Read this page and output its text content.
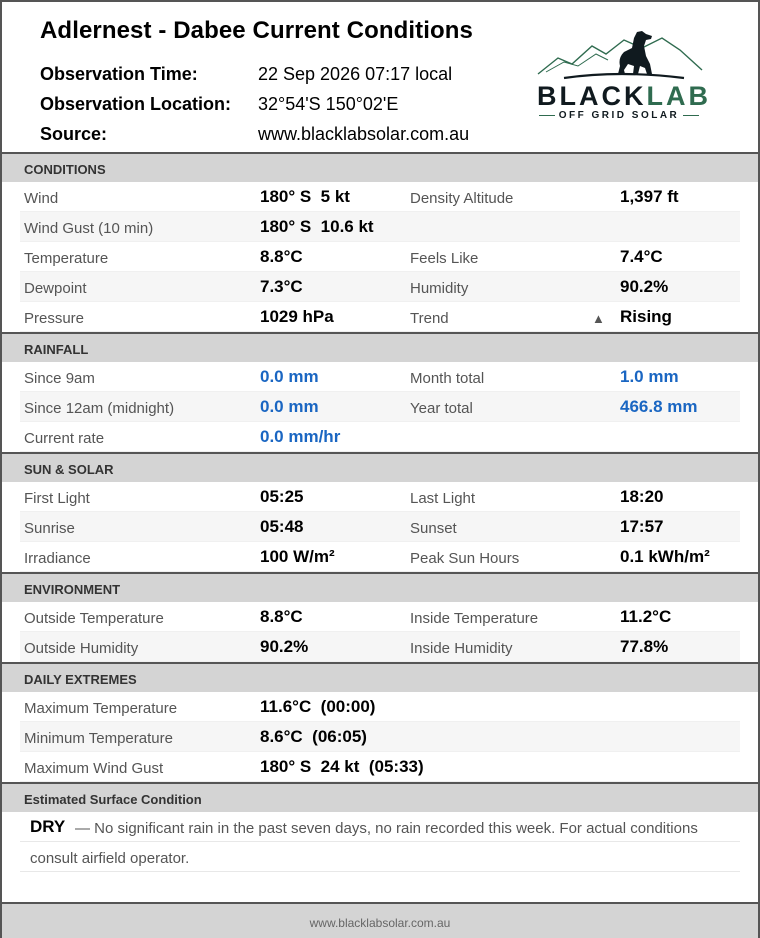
Adlernest - Dabee Current Conditions
Observation Time:	22 Sep 2026 07:17 local
Observation Location: 32°54'S 150°02'E
Source:	www.blacklabsolar.com.au
BLACKLAB
OFF GRID SOLAR
CONDITIONS
Wind	180° S  5 kt	Density Altitude	1,397 ft
Wind Gust (10 min)	180° S  10.6 kt
Temperature	8.8°C	Feels Like	7.4°C
Dewpoint	7.3°C	Humidity	90.2%
Pressure	1029 hPa	Trend	▲ Rising
RAINFALL
Since 9am	0.0 mm	Month total	1.0 mm
Since 12am (midnight)	0.0 mm	Year total	466.8 mm
Current rate	0.0 mm/hr
SUN & SOLAR
First Light	05:25	Last Light	18:20
Sunrise	05:48	Sunset	17:57
Irradiance	100 W/m²	Peak Sun Hours	0.1 kWh/m²
ENVIRONMENT
Outside Temperature	8.8°C	Inside Temperature	11.2°C
Outside Humidity	90.2%	Inside Humidity	77.8%
DAILY EXTREMES
Maximum Temperature	11.6°C  (00:00)
Minimum Temperature	8.6°C  (06:05)
Maximum Wind Gust	180° S  24 kt  (05:33)
Estimated Surface Condition
DRY — No significant rain in the past seven days, no rain recorded this week. For actual conditions
consult airfield operator.
www.blacklabsolar.com.au
